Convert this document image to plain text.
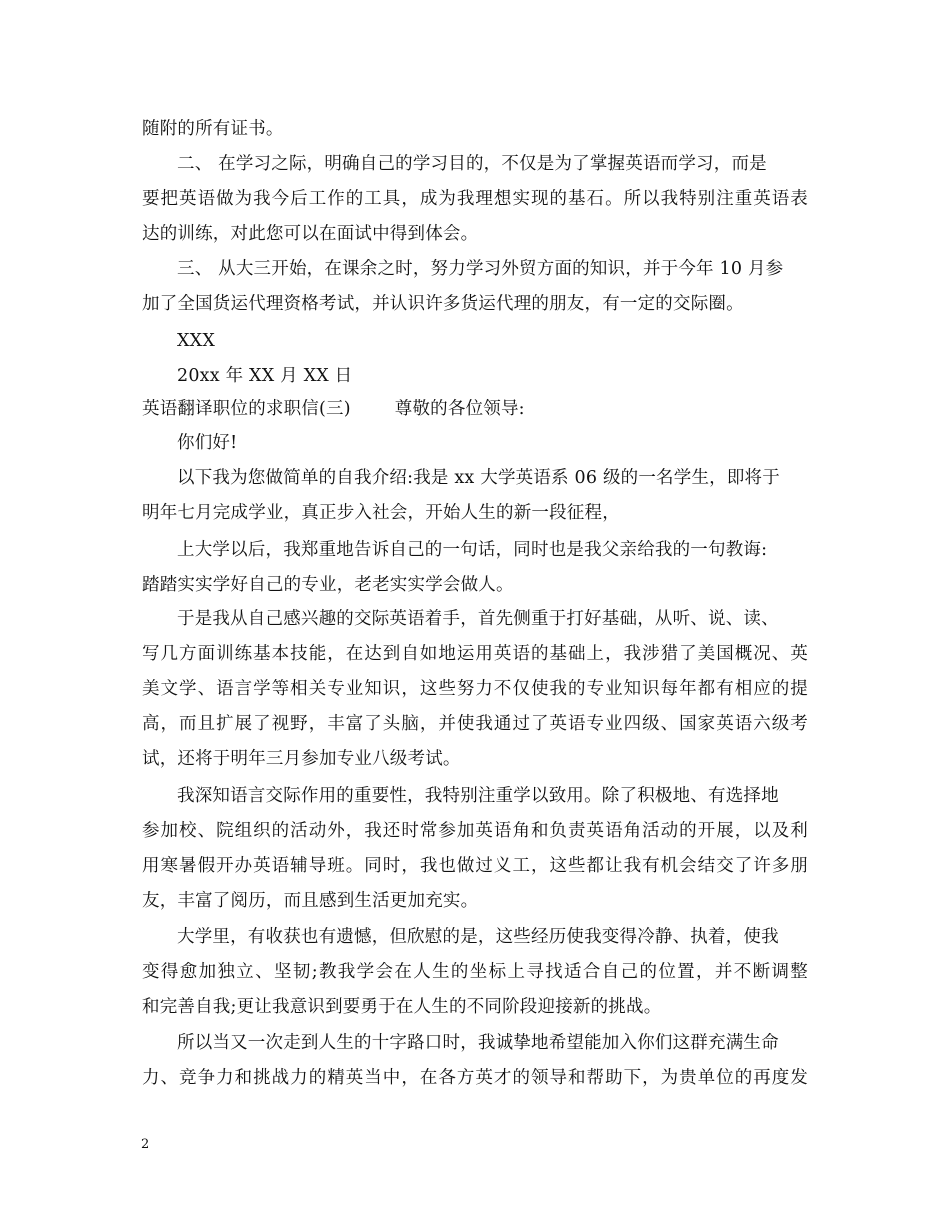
随附的所有证书。
二、 在学习之际，明确自己的学习目的，不仅是为了掌握英语而学习，而是
要把英语做为我今后工作的工具，成为我理想实现的基石。所以我特别注重英语表
达的训练，对此您可以在面试中得到体会。
三、 从大三开始，在课余之时，努力学习外贸方面的知识，并于今年 10 月参
加了全国货运代理资格考试，并认识许多货运代理的朋友，有一定的交际圈。
XXX
20xx 年 XX 月 XX 日
英语翻译职位的求职信(三)	尊敬的各位领导:
你们好!
以下我为您做简单的自我介绍:我是 xx 大学英语系 06 级的一名学生，即将于
明年七月完成学业，真正步入社会，开始人生的新一段征程，
上大学以后，我郑重地告诉自己的一句话，同时也是我父亲给我的一句教诲:
踏踏实实学好自己的专业，老老实实学会做人。
于是我从自己感兴趣的交际英语着手，首先侧重于打好基础，从听、说、读、
写几方面训练基本技能，在达到自如地运用英语的基础上，我涉猎了美国概况、英
美文学、语言学等相关专业知识，这些努力不仅使我的专业知识每年都有相应的提
高，而且扩展了视野，丰富了头脑，并使我通过了英语专业四级、国家英语六级考
试，还将于明年三月参加专业八级考试。
我深知语言交际作用的重要性，我特别注重学以致用。除了积极地、有选择地
参加校、院组织的活动外，我还时常参加英语角和负责英语角活动的开展，以及利
用寒暑假开办英语辅导班。同时，我也做过义工，这些都让我有机会结交了许多朋
友，丰富了阅历，而且感到生活更加充实。
大学里，有收获也有遗憾，但欣慰的是，这些经历使我变得冷静、执着，使我
变得愈加独立、坚韧;教我学会在人生的坐标上寻找适合自己的位置，并不断调整
和完善自我;更让我意识到要勇于在人生的不同阶段迎接新的挑战。
所以当又一次走到人生的十字路口时，我诚挚地希望能加入你们这群充满生命
力、竞争力和挑战力的精英当中，在各方英才的领导和帮助下，为贵单位的再度发
2
